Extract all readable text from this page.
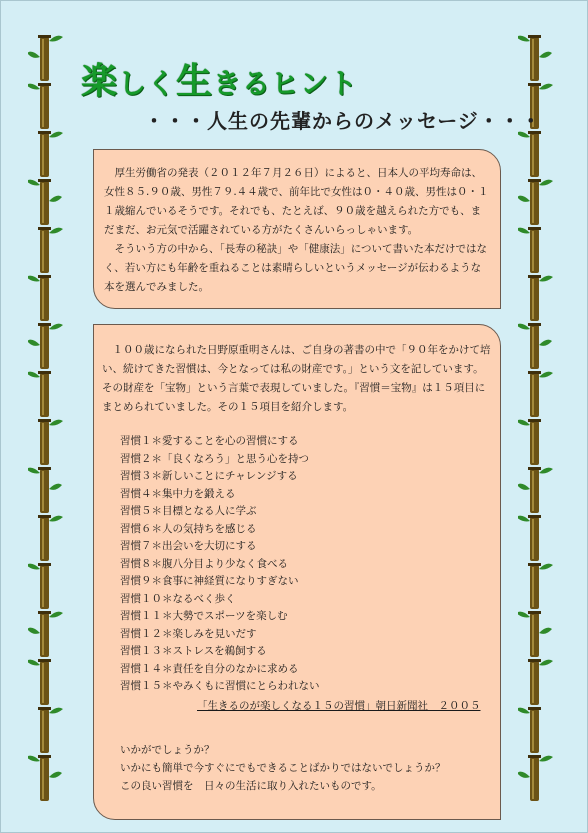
楽しく生きるヒント
・・・人生の先輩からのメッセージ・・・

　厚生労働省の発表（２０１２年７月２６日）によると、日本人の平均寿命は、女性８５.９０歳、男性７９.４４歳で、前年比で女性は０・４０歳、男性は０・１１歳縮んでいるそうです。それでも、たとえば、９０歳を越えられた方でも、まだまだ、お元気で活躍されている方がたくさんいらっしゃいます。

　そういう方の中から、「長寿の秘訣」や「健康法」について書いた本だけではなく、若い方にも年齢を重ねることは素晴らしいというメッセージが伝わるような本を選んでみました。

　１００歳になられた日野原重明さんは、ご自身の著書の中で「９０年をかけて培い、続けてきた習慣は、今となっては私の財産です。」という文を記しています。その財産を「宝物」という言葉で表現していました。『習慣＝宝物』は１５項目にまとめられていました。その１５項目を紹介します。

習慣１＊愛することを心の習慣にする
習慣２＊「良くなろう」と思う心を持つ
習慣３＊新しいことにチャレンジする
習慣４＊集中力を鍛える
習慣５＊目標となる人に学ぶ
習慣６＊人の気持ちを感じる
習慣７＊出会いを大切にする
習慣８＊腹八分目より少なく食べる
習慣９＊食事に神経質になりすぎない
習慣１０＊なるべく歩く
習慣１１＊大勢でスポーツを楽しむ
習慣１２＊楽しみを見いだす
習慣１３＊ストレスを鵜飼する
習慣１４＊責任を自分のなかに求める
習慣１５＊やみくもに習慣にとらわれない
「生きるのが楽しくなる１５の習慣」朝日新聞社　２００５
いかがでしょうか？
いかにも簡単で今すぐにでもできることばかりではないでしょうか？
この良い習慣を　日々の生活に取り入れたいものです。
